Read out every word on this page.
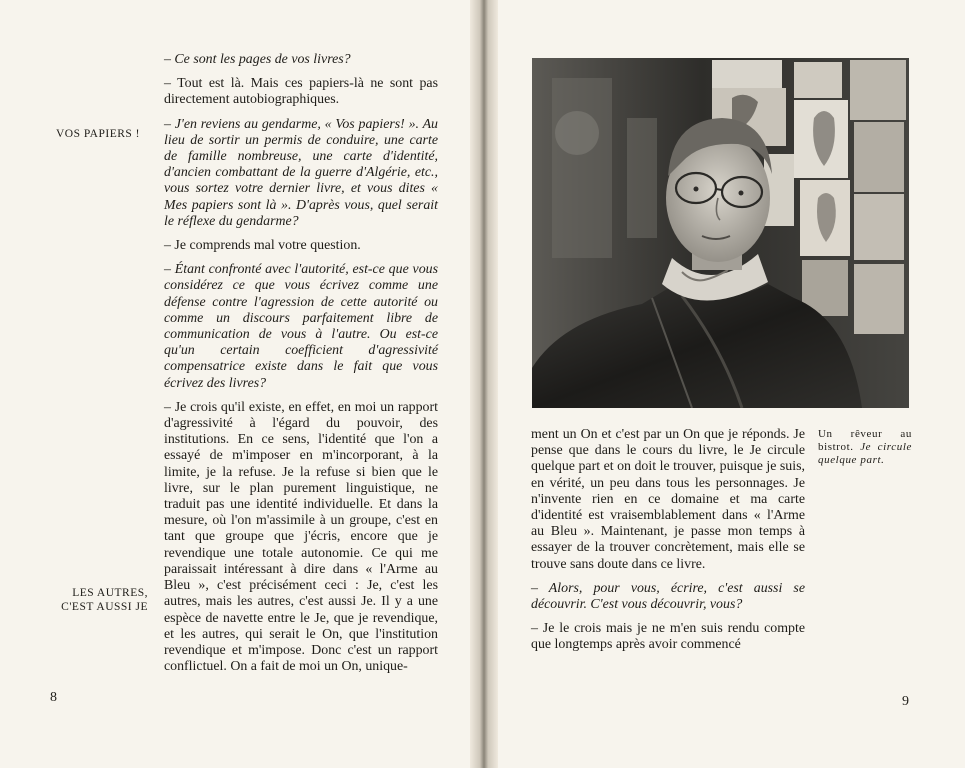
VOS PAPIERS !
LES AUTRES,
C'EST AUSSI JE

– Ce sont les pages de vos livres?

– Tout est là. Mais ces papiers-là ne sont pas directement autobiographiques.

– J'en reviens au gendarme, « Vos papiers! ». Au lieu de sortir un permis de conduire, une carte de famille nombreuse, une carte d'identité, d'ancien combattant de la guerre d'Algérie, etc., vous sortez votre dernier livre, et vous dites « Mes papiers sont là ». D'après vous, quel serait le réflexe du gendarme?

– Je comprends mal votre question.

– Étant confronté avec l'autorité, est-ce que vous considérez ce que vous écrivez comme une défense contre l'agression de cette autorité ou comme un discours parfaitement libre de communication de vous à l'autre. Ou est-ce qu'un certain coefficient d'agressivité compensatrice existe dans le fait que vous écrivez des livres?

– Je crois qu'il existe, en effet, en moi un rapport d'agressivité à l'égard du pouvoir, des institutions. En ce sens, l'identité que l'on a essayé de m'imposer en m'incorporant, à la limite, je la refuse. Je la refuse si bien que le livre, sur le plan purement linguistique, ne traduit pas une identité individuelle. Et dans la mesure, où l'on m'assimile à un groupe, c'est en tant que groupe que j'écris, encore que je revendique une totale autonomie. Ce qui me paraissait intéressant à dire dans « l'Arme au Bleu », c'est précisément ceci : Je, c'est les autres, mais les autres, c'est aussi Je. Il y a une espèce de navette entre le Je, que je revendique, et les autres, qui serait le On, que l'institution revendique et m'impose. Donc c'est un rapport conflictuel. On a fait de moi un On, unique-

8

ment un On et c'est par un On que je réponds. Je pense que dans le cours du livre, le Je circule quelque part et on doit le trouver, puisque je suis, en vérité, un peu dans tous les personnages. Je n'invente rien en ce domaine et ma carte d'identité est vraisemblablement dans « l'Arme au Bleu ». Maintenant, je passe mon temps à essayer de la trouver concrètement, mais elle se trouve sans doute dans ce livre.

– Alors, pour vous, écrire, c'est aussi se découvrir. C'est vous découvrir, vous?

– Je le crois mais je ne m'en suis rendu compte que longtemps après avoir commencé

Un rêveur au bistrot. Je circule quelque part.
9
